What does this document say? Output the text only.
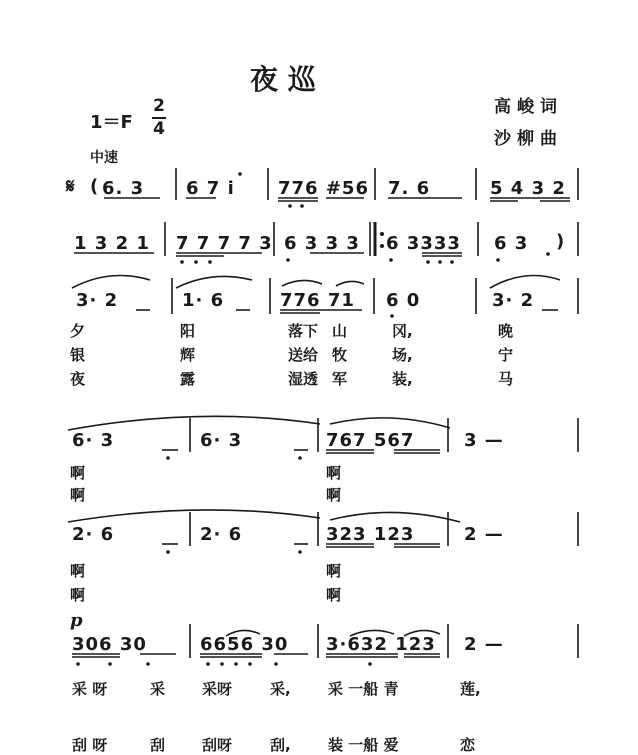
夜 巡
高峻词
沙柳曲
1＝F
2
4
中速
𝄋 ( 6. 3 6 7 i 776 #56 7. 6	5 4 3 2
1 3 2 1 7 7 7 7 3 6 3 3 3 6 3333 6 3 )
3· 2	1· 6	776 71 6 0	3· 2
夕	阳	落下 山	冈,	晚
银	辉	送给 牧	场,	宁
夜	露	湿透 军	装,	马
6· 3	6· 3	767 567	3 —
啊	啊
啊	啊
2· 6	2· 6	323 123	2 —
啊	啊
啊	啊
p
306 30	6656 30 3·632 123 2 —
采 呀	采 采呀	采, 采 一船 青	莲,
刮 呀	刮 刮呀	刮, 装 一船 爱	恋
